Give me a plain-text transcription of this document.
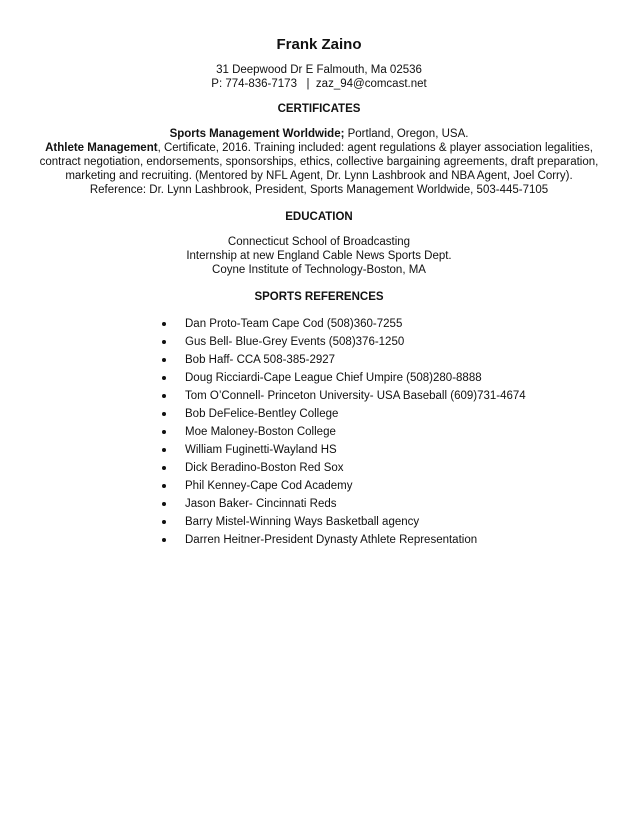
Frank Zaino
31 Deepwood Dr E Falmouth, Ma 02536
P: 774-836-7173   |  zaz_94@comcast.net
CERTIFICATES
Sports Management Worldwide; Portland, Oregon, USA.
Athlete Management, Certificate, 2016. Training included: agent regulations & player association legalities, contract negotiation, endorsements, sponsorships, ethics, collective bargaining agreements, draft preparation, marketing and recruiting. (Mentored by NFL Agent, Dr. Lynn Lashbrook and NBA Agent, Joel Corry).
Reference: Dr. Lynn Lashbrook, President, Sports Management Worldwide, 503-445-7105
EDUCATION
Connecticut School of Broadcasting
Internship at new England Cable News Sports Dept.
Coyne Institute of Technology-Boston, MA
SPORTS REFERENCES
Dan Proto-Team Cape Cod (508)360-7255
Gus Bell- Blue-Grey Events (508)376-1250
Bob Haff- CCA 508-385-2927
Doug Ricciardi-Cape League Chief Umpire (508)280-8888
Tom O’Connell- Princeton University- USA Baseball (609)731-4674
Bob DeFelice-Bentley College
Moe Maloney-Boston College
William Fuginetti-Wayland HS
Dick Beradino-Boston Red Sox
Phil Kenney-Cape Cod Academy
Jason Baker- Cincinnati Reds
Barry Mistel-Winning Ways Basketball agency
Darren Heitner-President Dynasty Athlete Representation
